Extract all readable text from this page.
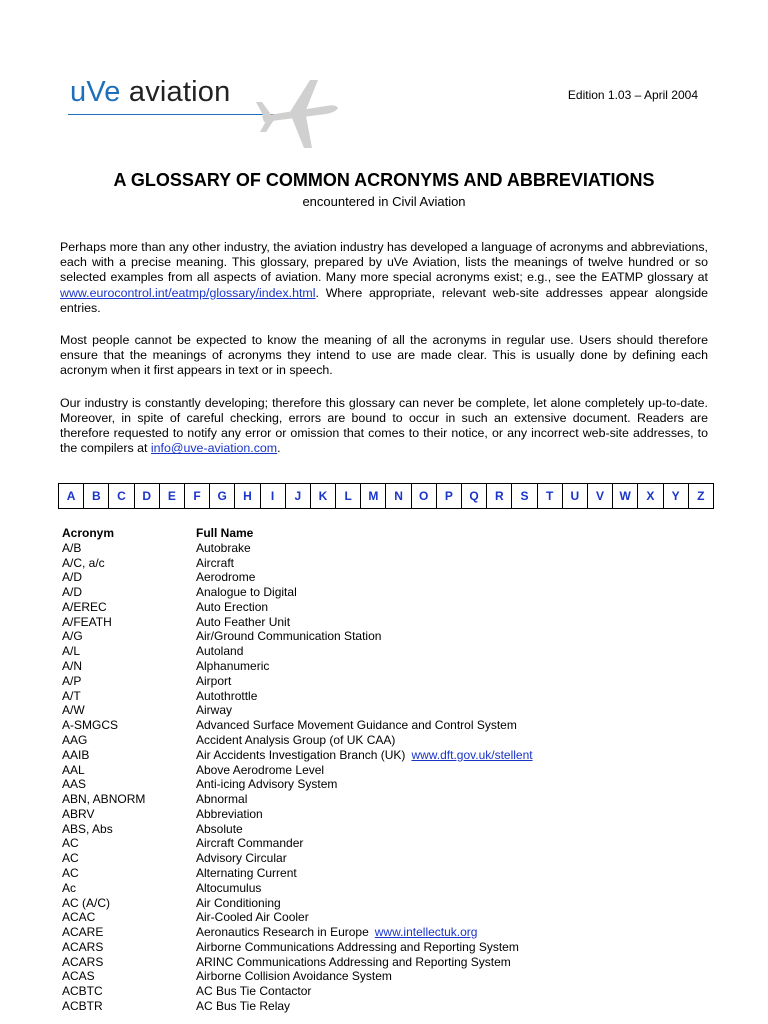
uVe aviation	Edition 1.03 – April 2004
A GLOSSARY OF COMMON ACRONYMS AND ABBREVIATIONS
encountered in Civil Aviation

Perhaps more than any other industry, the aviation industry has developed a language of acronyms and abbreviations, each with a precise meaning. This glossary, prepared by uVe Aviation, lists the meanings of twelve hundred or so selected examples from all aspects of aviation. Many more special acronyms exist; e.g., see the EATMP glossary at www.eurocontrol.int/eatmp/glossary/index.html. Where appropriate, relevant web-site addresses appear alongside entries.

Most people cannot be expected to know the meaning of all the acronyms in regular use. Users should therefore ensure that the meanings of acronyms they intend to use are made clear. This is usually done by defining each acronym when it first appears in text or in speech.

Our industry is constantly developing; therefore this glossary can never be complete, let alone completely up-to-date. Moreover, in spite of careful checking, errors are bound to occur in such an extensive document. Readers are therefore requested to notify any error or omission that comes to their notice, or any incorrect web-site addresses, to the compilers at info@uve-aviation.com.

A	B	C	D	E	F	G	H	I	J	K	L	M	N	O	P	Q	R	S	T	U	V	W	X	Y	Z
Acronym	Full Name
A/B	Autobrake
A/C, a/c	Aircraft
A/D	Aerodrome
A/D	Analogue to Digital
A/EREC	Auto Erection
A/FEATH	Auto Feather Unit
A/G	Air/Ground Communication Station
A/L	Autoland
A/N	Alphanumeric
A/P	Airport
A/T	Autothrottle
A/W	Airway
A-SMGCS	Advanced Surface Movement Guidance and Control System
AAG	Accident Analysis Group (of UK CAA)
AAIB	Air Accidents Investigation Branch (UK) www.dft.gov.uk/stellent
AAL	Above Aerodrome Level
AAS	Anti-icing Advisory System
ABN, ABNORM	Abnormal
ABRV	Abbreviation
ABS, Abs	Absolute
AC	Aircraft Commander
AC	Advisory Circular
AC	Alternating Current
Ac	Altocumulus
AC (A/C)	Air Conditioning
ACAC	Air-Cooled Air Cooler
ACARE	Aeronautics Research in Europe www.intellectuk.org
ACARS	Airborne Communications Addressing and Reporting System
ACARS	ARINC Communications Addressing and Reporting System
ACAS	Airborne Collision Avoidance System
ACBTC	AC Bus Tie Contactor
ACBTR	AC Bus Tie Relay
